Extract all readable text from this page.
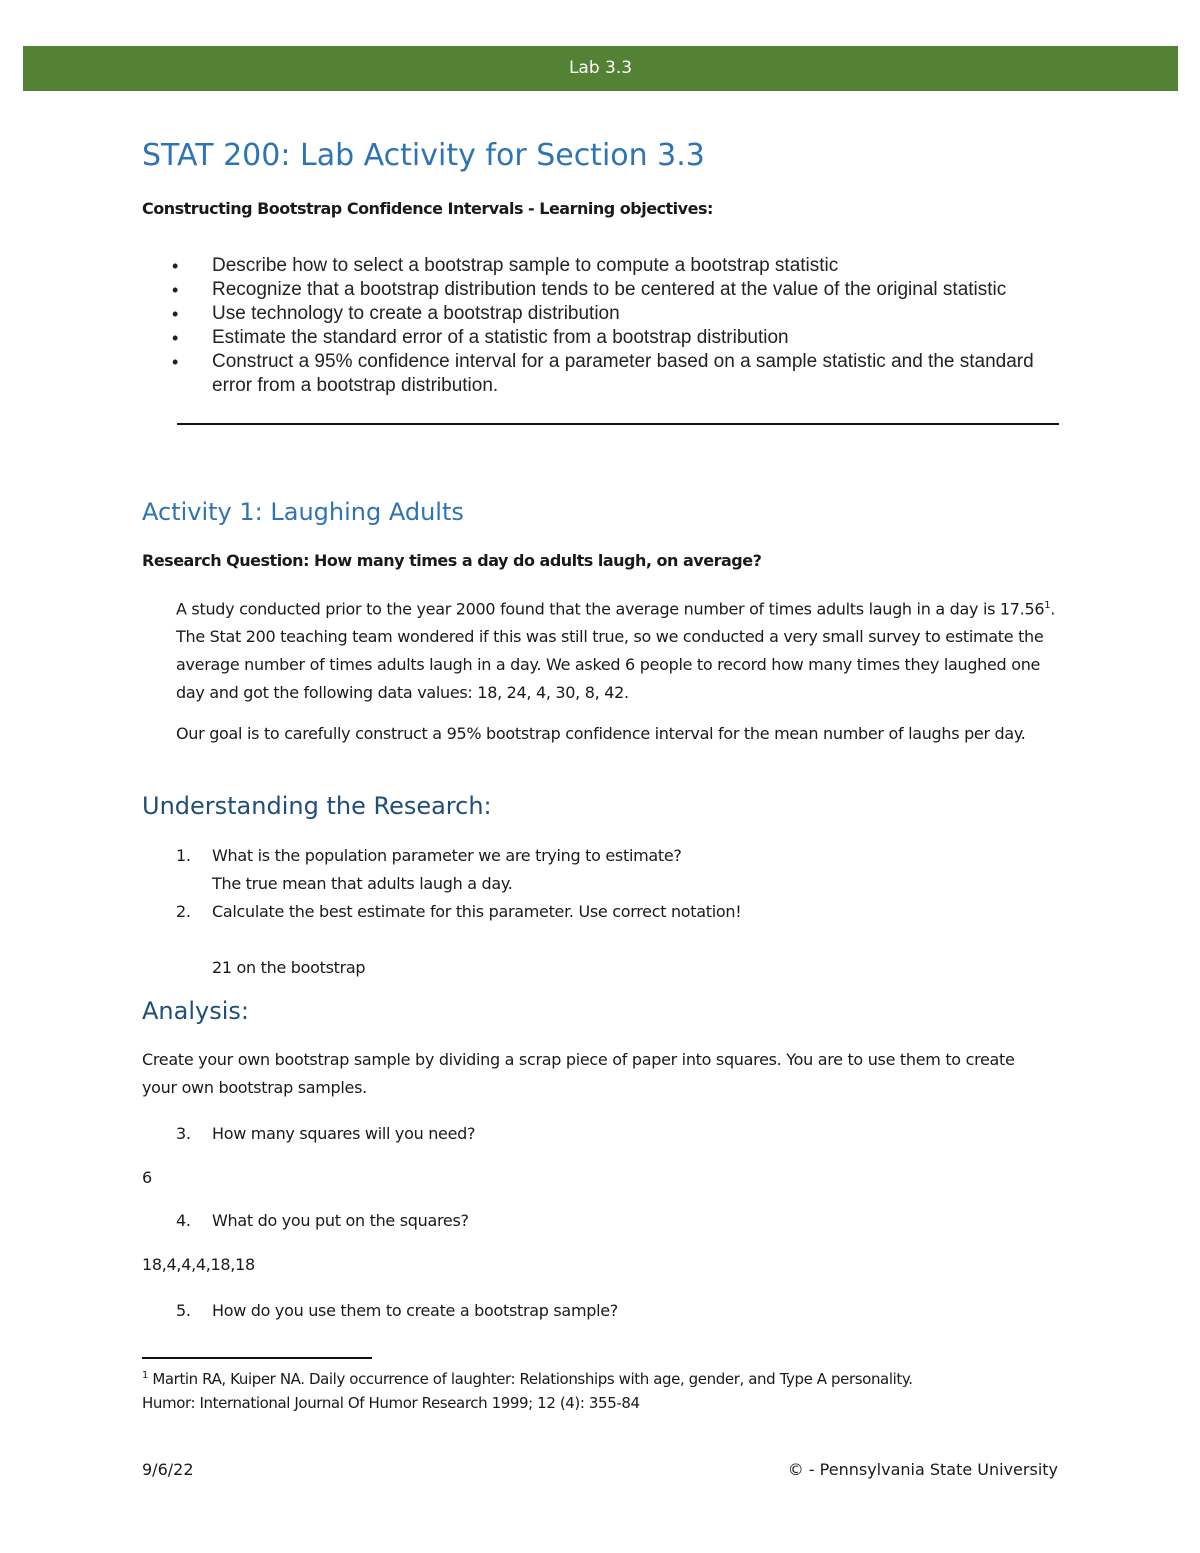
Lab 3.3
STAT 200: Lab Activity for Section 3.3
Constructing Bootstrap Confidence Intervals - Learning objectives:
• Describe how to select a bootstrap sample to compute a bootstrap statistic
• Recognize that a bootstrap distribution tends to be centered at the value of the original statistic
• Use technology to create a bootstrap distribution
• Estimate the standard error of a statistic from a bootstrap distribution
• Construct a 95% confidence interval for a parameter based on a sample statistic and the standard error from a bootstrap distribution.
Activity 1: Laughing Adults
Research Question: How many times a day do adults laugh, on average?
A study conducted prior to the year 2000 found that the average number of times adults laugh in a day is 17.56$^1$. The Stat 200 teaching team wondered if this was still true, so we conducted a very small survey to estimate the average number of times adults laugh in a day. We asked 6 people to record how many times they laughed one day and got the following data values: 18, 24, 4, 30, 8, 42.
Our goal is to carefully construct a 95% bootstrap confidence interval for the mean number of laughs per day.
Understanding the Research:
1. What is the population parameter we are trying to estimate?
The true mean that adults laugh a day.
2. Calculate the best estimate for this parameter. Use correct notation!
21 on the bootstrap
Analysis:
Create your own bootstrap sample by dividing a scrap piece of paper into squares. You are to use them to create your own bootstrap samples.
3. How many squares will you need?
6
4. What do you put on the squares?
18,4,4,4,18,18
5. How do you use them to create a bootstrap sample?
$^1$ Martin RA, Kuiper NA. Daily occurrence of laughter: Relationships with age, gender, and Type A personality.
Humor: International Journal Of Humor Research 1999; 12 (4): 355-84
9/6/22	© - Pennsylvania State University
